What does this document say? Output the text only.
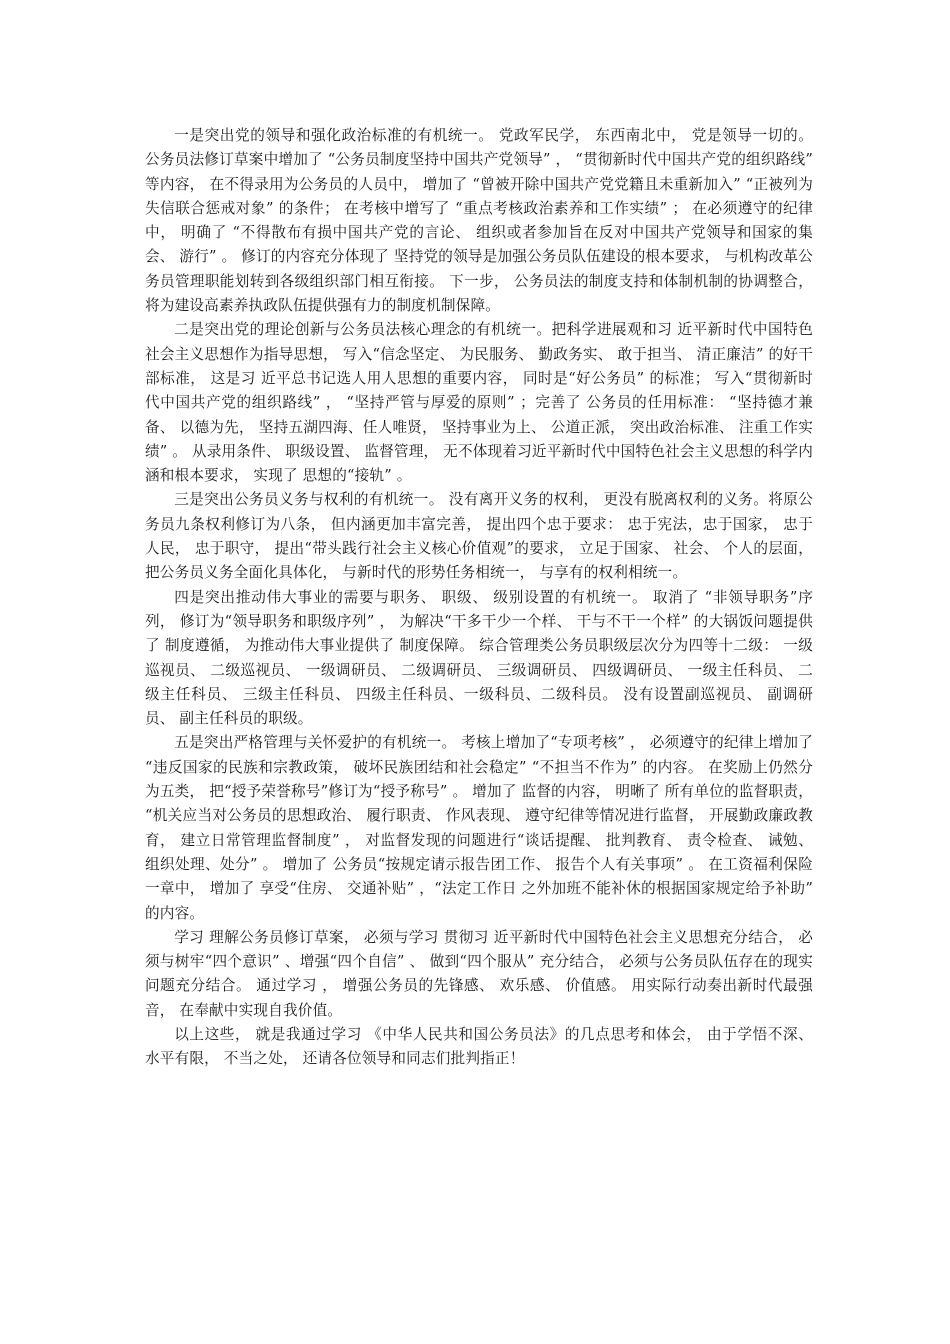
一是突出党的领导和强化政治标准的有机统一。 党政军民学， 东西南北中， 党是领导一切的。 公务员法修订草案中增加了 “公务员制度坚持中国共产党领导” ， “贯彻新时代中国共产党的组织路线” 等内容， 在不得录用为公务员的人员中， 增加了 “曾被开除中国共产党党籍且未重新加入” “正被列为失信联合惩戒对象” 的条件； 在考核中增写了 “重点考核政治素养和工作实绩” ； 在必须遵守的纪律中， 明确了 “不得散布有损中国共产党的言论、 组织或者参加旨在反对中国共产党领导和国家的集会、 游行” 。 修订的内容充分体现了 坚持党的领导是加强公务员队伍建设的根本要求， 与机构改革公务员管理职能划转到各级组织部门相互衔接。 下一步， 公务员法的制度支持和体制机制的协调整合， 将为建设高素养执政队伍提供强有力的制度机制保障。

二是突出党的理论创新与公务员法核心理念的有机统一。把科学进展观和习 近平新时代中国特色社会主义思想作为指导思想， 写入“信念坚定、 为民服务、 勤政务实、 敢于担当、 清正廉洁” 的好干部标准， 这是习 近平总书记选人用人思想的重要内容， 同时是“好公务员” 的标准； 写入“贯彻新时代中国共产党的组织路线” ， “坚持严管与厚爱的原则” ；完善了 公务员的任用标准： “坚持德才兼备、 以德为先， 坚持五湖四海、任人唯贤， 坚持事业为上、 公道正派， 突出政治标准、 注重工作实绩” 。 从录用条件、 职级设置、 监督管理， 无不体现着习近平新时代中国特色社会主义思想的科学内涵和根本要求， 实现了 思想的“接轨” 。

三是突出公务员义务与权利的有机统一。 没有离开义务的权利， 更没有脱离权利的义务。将原公务员九条权利修订为八条， 但内涵更加丰富完善， 提出四个忠于要求： 忠于宪法，忠于国家， 忠于人民， 忠于职守， 提出“带头践行社会主义核心价值观”的要求， 立足于国家、 社会、 个人的层面， 把公务员义务全面化具体化， 与新时代的形势任务相统一， 与享有的权利相统一。

四是突出推动伟大事业的需要与职务、 职级、 级别设置的有机统一。 取消了 “非领导职务”序列， 修订为“领导职务和职级序列” ， 为解决“干多干少一个样、 干与不干一个样” 的大锅饭问题提供了 制度遵循， 为推动伟大事业提供了 制度保障。 综合管理类公务员职级层次分为四等十二级： 一级巡视员、 二级巡视员、 一级调研员、 二级调研员、 三级调研员、 四级调研员、 一级主任科员、 二级主任科员、 三级主任科员、 四级主任科员、一级科员、二级科员。 没有设置副巡视员、 副调研员、 副主任科员的职级。

五是突出严格管理与关怀爱护的有机统一。 考核上增加了“专项考核” ， 必须遵守的纪律上增加了 “违反国家的民族和宗教政策， 破坏民族团结和社会稳定” “不担当不作为” 的内容。 在奖励上仍然分为五类， 把“授予荣誉称号”修订为“授予称号” 。 增加了 监督的内容， 明晰了 所有单位的监督职责， “机关应当对公务员的思想政治、 履行职责、 作风表现、 遵守纪律等情况进行监督， 开展勤政廉政教育， 建立日常管理监督制度” ， 对监督发现的问题进行“谈话提醒、 批判教育、 责令检查、 诫勉、 组织处理、处分” 。 增加了 公务员“按规定请示报告团工作、 报告个人有关事项” 。 在工资福利保险一章中， 增加了 享受“住房、 交通补贴” ，“法定工作日 之外加班不能补休的根据国家规定给予补助” 的内容。

学习 理解公务员修订草案， 必须与学习 贯彻习 近平新时代中国特色社会主义思想充分结合， 必须与树牢“四个意识” 、增强“四个自信” 、 做到“四个服从” 充分结合， 必须与公务员队伍存在的现实问题充分结合。 通过学习 ， 增强公务员的先锋感、 欢乐感、 价值感。 用实际行动奏出新时代最强音， 在奉献中实现自我价值。

以上这些， 就是我通过学习 《中华人民共和国公务员法》的几点思考和体会， 由于学悟不深、 水平有限， 不当之处， 还请各位领导和同志们批判指正！
